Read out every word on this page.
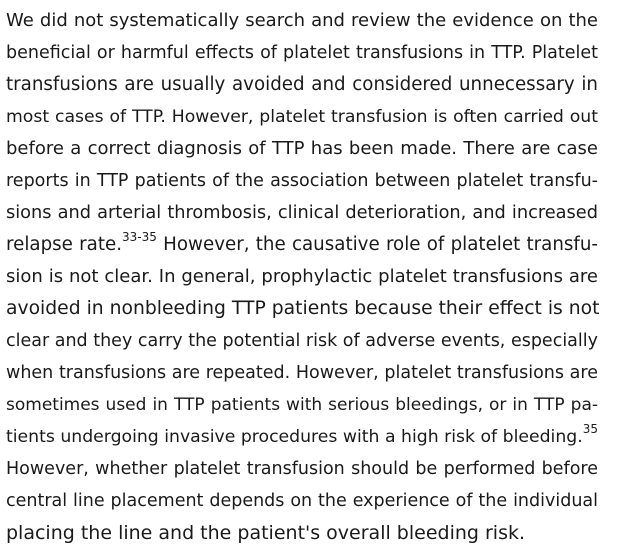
We did not systematically search and review the evidence on the
beneficial or harmful effects of platelet transfusions in TTP. Platelet
transfusions are usually avoided and considered unnecessary in
most cases of TTP. However, platelet transfusion is often carried out
before a correct diagnosis of TTP has been made. There are case
reports in TTP patients of the association between platelet transfu-
sions and arterial thrombosis, clinical deterioration, and increased
relapse rate.$^{33-35}$ However, the causative role of platelet transfu-
sion is not clear. In general, prophylactic platelet transfusions are
avoided in nonbleeding TTP patients because their effect is not
clear and they carry the potential risk of adverse events, especially
when transfusions are repeated. However, platelet transfusions are
sometimes used in TTP patients with serious bleedings, or in TTP pa-
tients undergoing invasive procedures with a high risk of bleeding.$^{35}$
However, whether platelet transfusion should be performed before
central line placement depends on the experience of the individual
placing the line and the patient's overall bleeding risk.
